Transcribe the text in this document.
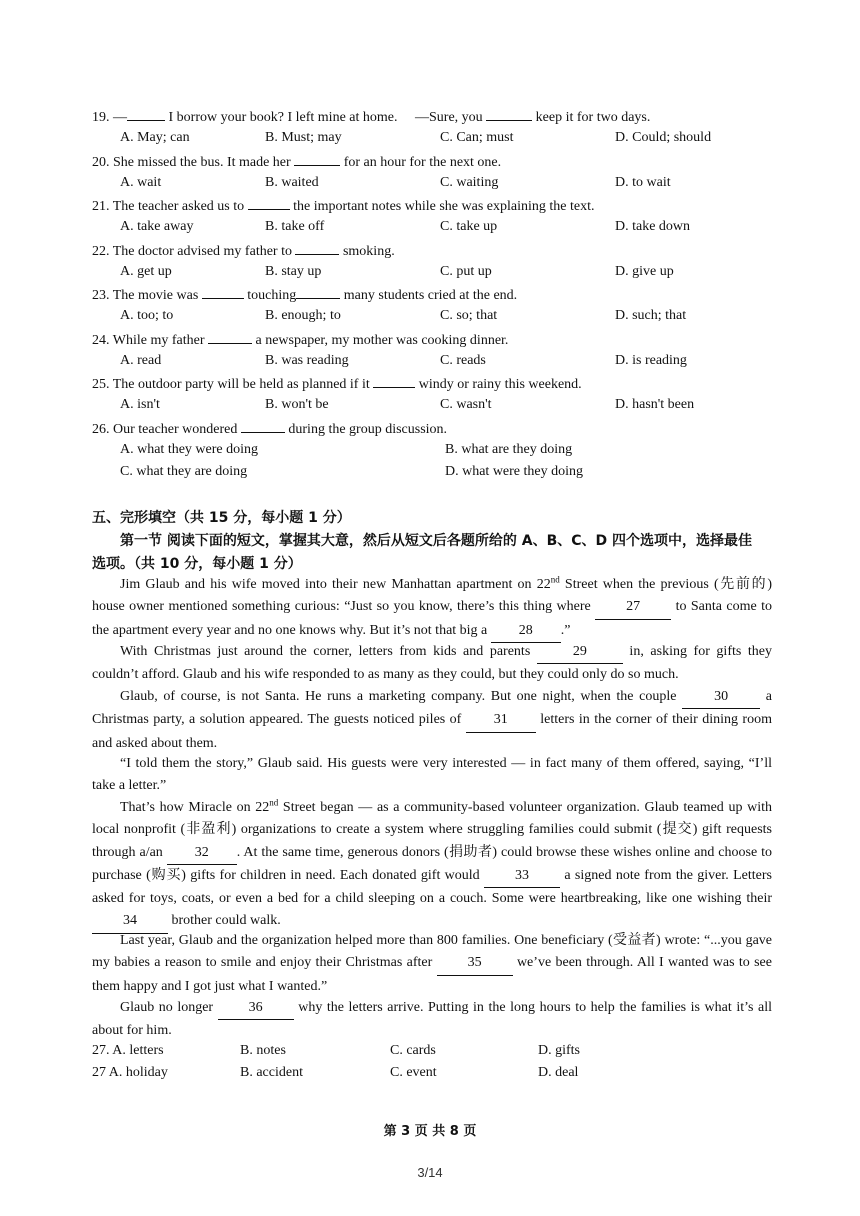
19. —	I borrow your book? I left mine at home. —Sure, you	keep it for two days.
A. May; can	B. Must; may	C. Can; must	D. Could; should
20. She missed the bus. It made her	for an hour for the next one.
A. wait	B. waited	C. waiting	D. to wait
21. The teacher asked us to	the important notes while she was explaining the text.
A. take away	B. take off	C. take up	D. take down
22. The doctor advised my father to	smoking.
A. get up	B. stay up	C. put up	D. give up
23. The movie was	touching	many students cried at the end.
A. too; to	B. enough; to	C. so; that	D. such; that
24. While my father	a newspaper, my mother was cooking dinner.
A. read	B. was reading	C. reads	D. is reading
25. The outdoor party will be held as planned if it	windy or rainy this weekend.
A. isn't	B. won't be	C. wasn't	D. hasn't been
26. Our teacher wondered	during the group discussion.
A. what they were doing	B. what are they doing
C. what they are doing	D. what were they doing
五、完形填空（共 15 分，每小题 1 分）
第一节 阅读下面的短文，掌握其大意，然后从短文后各题所给的 A、B、C、D 四个选项中，选择最佳
选项。（共 10 分，每小题 1 分）
Jim Glaub and his wife moved into their new Manhattan apartment on 22nd Street when the previous (先前的) house owner mentioned something curious: “Just so you know, there’s this thing where 27 to Santa come to the apartment every year and no one knows why. But it’s not that big a 28 .”
With Christmas just around the corner, letters from kids and parents	29	in, asking for gifts they couldn’t afford. Glaub and his wife responded to as many as they could, but they could only do so much.
Glaub, of course, is not Santa. He runs a marketing company. But one night, when the couple 30 a Christmas party, a solution appeared. The guests noticed piles of 31 letters in the corner of their dining room and asked about them.
“I told them the story,” Glaub said. His guests were very interested — in fact many of them offered, saying, “I’ll take a letter.”
That’s how Miracle on 22nd Street began — as a community-based volunteer organization. Glaub teamed up with local nonprofit (非盈利) organizations to create a system where struggling families could submit (提交) gift requests through a/an 32 . At the same time, generous donors (捐助者) could browse these wishes online and choose to purchase (购买) gifts for children in need. Each donated gift would 33 a signed note from the giver. Letters asked for toys, coats, or even a bed for a child sleeping on a couch. Some were heartbreaking, like one wishing their 34 brother could walk.
Last year, Glaub and the organization helped more than 800 families. One beneficiary (受益者) wrote: “...you gave my babies a reason to smile and enjoy their Christmas after 35 we’ve been through. All I wanted was to see them happy and I got just what I wanted.”
Glaub no longer 36 why the letters arrive. Putting in the long hours to help the families is what it’s all about for him.
27. A. letters	B. notes	C. cards	D. gifts
27 A. holiday	B. accident	C. event	D. deal
第 3 页 共 8 页
3/14
